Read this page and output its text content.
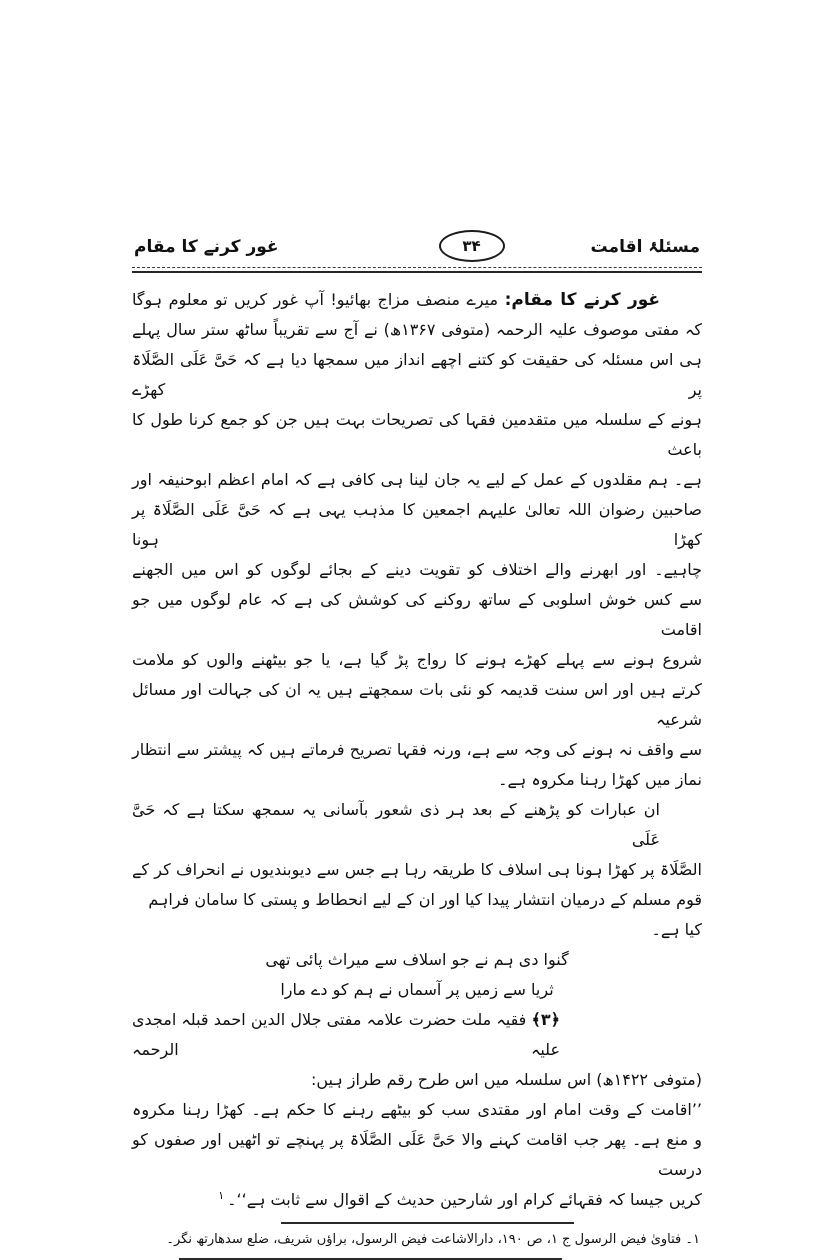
مسئلۂ اقامت
۳۴
غور کرنے کا مقام

غور کرنے کا مقام: میرے منصف مزاج بھائیو! آپ غور کریں تو معلوم ہوگا

کہ مفتی موصوف علیہ الرحمہ (متوفی ۱۳۶۷ھ) نے آج سے تقریباً ساٹھ ستر سال پہلے

ہی اس مسئلہ کی حقیقت کو کتنے اچھے انداز میں سمجھا دیا ہے کہ حَیَّ عَلَی الصَّلَاۃ پر کھڑے

ہونے کے سلسلہ میں متقدمین فقہا کی تصریحات بہت ہیں جن کو جمع کرنا طول کا باعث

ہے۔ ہم مقلدوں کے عمل کے لیے یہ جان لینا ہی کافی ہے کہ امام اعظم ابوحنیفہ اور

صاحبین رضوان اللہ تعالیٰ علیہم اجمعین کا مذہب یہی ہے کہ حَیَّ عَلَی الصَّلَاۃ پر کھڑا ہونا

چاہیے۔ اور ابھرنے والے اختلاف کو تقویت دینے کے بجائے لوگوں کو اس میں الجھنے

سے کس خوش اسلوبی کے ساتھ روکنے کی کوشش کی ہے کہ عام لوگوں میں جو اقامت

شروع ہونے سے پہلے کھڑے ہونے کا رواج پڑ گیا ہے، یا جو بیٹھنے والوں کو ملامت

کرتے ہیں اور اس سنت قدیمہ کو نئی بات سمجھتے ہیں یہ ان کی جہالت اور مسائل شرعیہ

سے واقف نہ ہونے کی وجہ سے ہے، ورنہ فقہا تصریح فرماتے ہیں کہ پیشتر سے انتظار

نماز میں کھڑا رہنا مکروہ ہے۔

ان عبارات کو پڑھنے کے بعد ہر ذی شعور بآسانی یہ سمجھ سکتا ہے کہ حَیَّ عَلَی

الصَّلَاۃ پر کھڑا ہونا ہی اسلاف کا طریقہ رہا ہے جس سے دیوبندیوں نے انحراف کر کے

قوم مسلم کے درمیان انتشار پیدا کیا اور ان کے لیے انحطاط و پستی کا سامان فراہم کیا ہے۔

گنوا دی ہم نے جو اسلاف سے میراث پائی تھی

ثریا سے زمیں پر آسماں نے ہم کو دے مارا

﴿۳﴾ فقیہ ملت حضرت علامہ مفتی جلال الدین احمد قبلہ امجدی علیہ الرحمہ

(متوفی ۱۴۲۲ھ) اس سلسلہ میں اس طرح رقم طراز ہیں:

’’اقامت کے وقت امام اور مقتدی سب کو بیٹھے رہنے کا حکم ہے۔ کھڑا رہنا مکروہ

و منع ہے۔ پھر جب اقامت کہنے والا حَیَّ عَلَی الصَّلَاۃ پر پہنچے تو اٹھیں اور صفوں کو درست

کریں جیسا کہ فقہائے کرام اور شارحین حدیث کے اقوال سے ثابت ہے‘‘۔$^۱$

۱۔ فتاویٰ فیض الرسول ج ۱، ص ۱۹۰، دارالاشاعت فیض الرسول، براؤں شریف، ضلع سدھارتھ نگر۔
